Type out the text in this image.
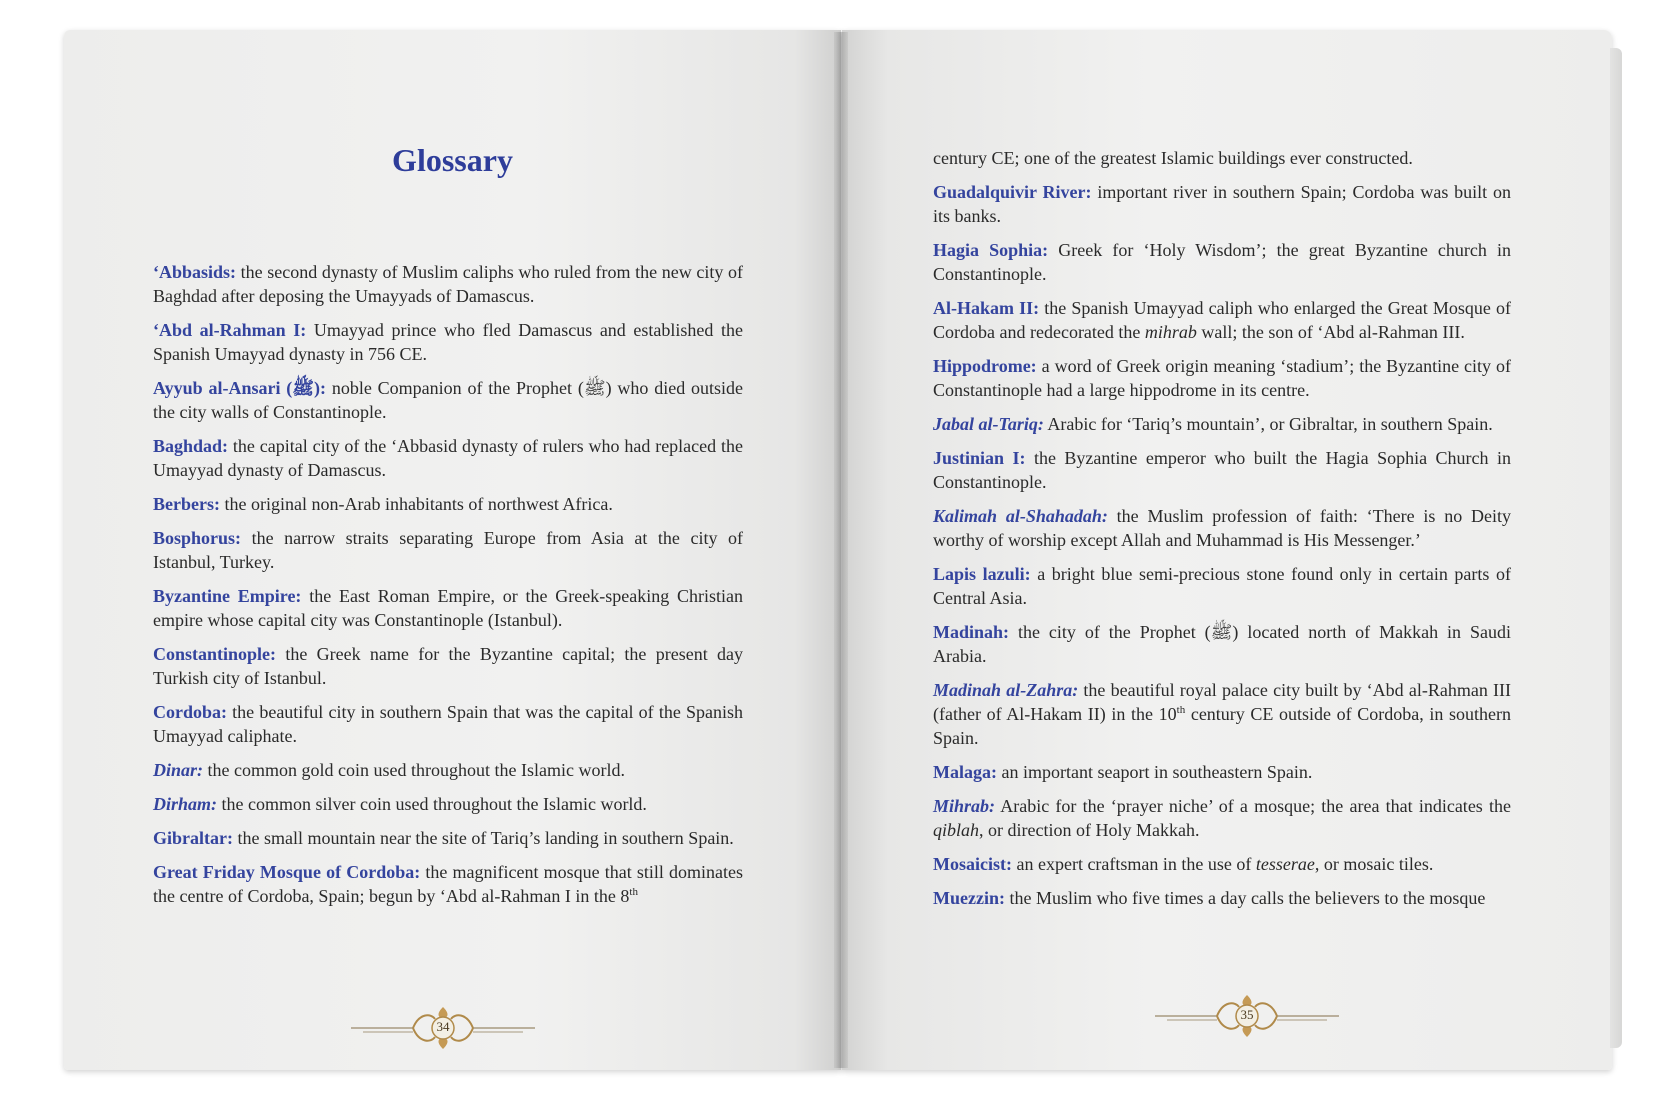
Glossary

‘Abbasids: the second dynasty of Muslim caliphs who ruled from the new city of Baghdad after deposing the Umayyads of Damascus.

‘Abd al-Rahman I: Umayyad prince who fled Damascus and established the Spanish Umayyad dynasty in 756 CE.

Ayyub al-Ansari (ﷺ): noble Companion of the Prophet (ﷺ) who died outside the city walls of Constantinople.

Baghdad: the capital city of the ‘Abbasid dynasty of rulers who had replaced the Umayyad dynasty of Damascus.

Berbers: the original non-Arab inhabitants of northwest Africa.

Bosphorus: the narrow straits separating Europe from Asia at the city of Istanbul, Turkey.

Byzantine Empire: the East Roman Empire, or the Greek-speaking Christian empire whose capital city was Constantinople (Istanbul).

Constantinople: the Greek name for the Byzantine capital; the present day Turkish city of Istanbul.

Cordoba: the beautiful city in southern Spain that was the capital of the Spanish Umayyad caliphate.

Dinar: the common gold coin used throughout the Islamic world.

Dirham: the common silver coin used throughout the Islamic world.

Gibraltar: the small mountain near the site of Tariq’s landing in southern Spain.

Great Friday Mosque of Cordoba: the magnificent mosque that still dominates the centre of Cordoba, Spain; begun by ‘Abd al-Rahman I in the 8th

century CE; one of the greatest Islamic buildings ever constructed.

Guadalquivir River: important river in southern Spain; Cordoba was built on its banks.

Hagia Sophia: Greek for ‘Holy Wisdom’; the great Byzantine church in Constantinople.

Al-Hakam II: the Spanish Umayyad caliph who enlarged the Great Mosque of Cordoba and redecorated the mihrab wall; the son of ‘Abd al-Rahman III.

Hippodrome: a word of Greek origin meaning ‘stadium’; the Byzantine city of Constantinople had a large hippodrome in its centre.

Jabal al-Tariq: Arabic for ‘Tariq’s mountain’, or Gibraltar, in southern Spain.

Justinian I: the Byzantine emperor who built the Hagia Sophia Church in Constantinople.

Kalimah al-Shahadah: the Muslim profession of faith: ‘There is no Deity worthy of worship except Allah and Muhammad is His Messenger.’

Lapis lazuli: a bright blue semi-precious stone found only in certain parts of Central Asia.

Madinah: the city of the Prophet (ﷺ) located north of Makkah in Saudi Arabia.

Madinah al-Zahra: the beautiful royal palace city built by ‘Abd al-Rahman III (father of Al-Hakam II) in the 10th century CE outside of Cordoba, in southern Spain.

Malaga: an important seaport in southeastern Spain.

Mihrab: Arabic for the ‘prayer niche’ of a mosque; the area that indicates the qiblah, or direction of Holy Makkah.

Mosaicist: an expert craftsman in the use of tesserae, or mosaic tiles.

Muezzin: the Muslim who five times a day calls the believers to the mosque

34
35
